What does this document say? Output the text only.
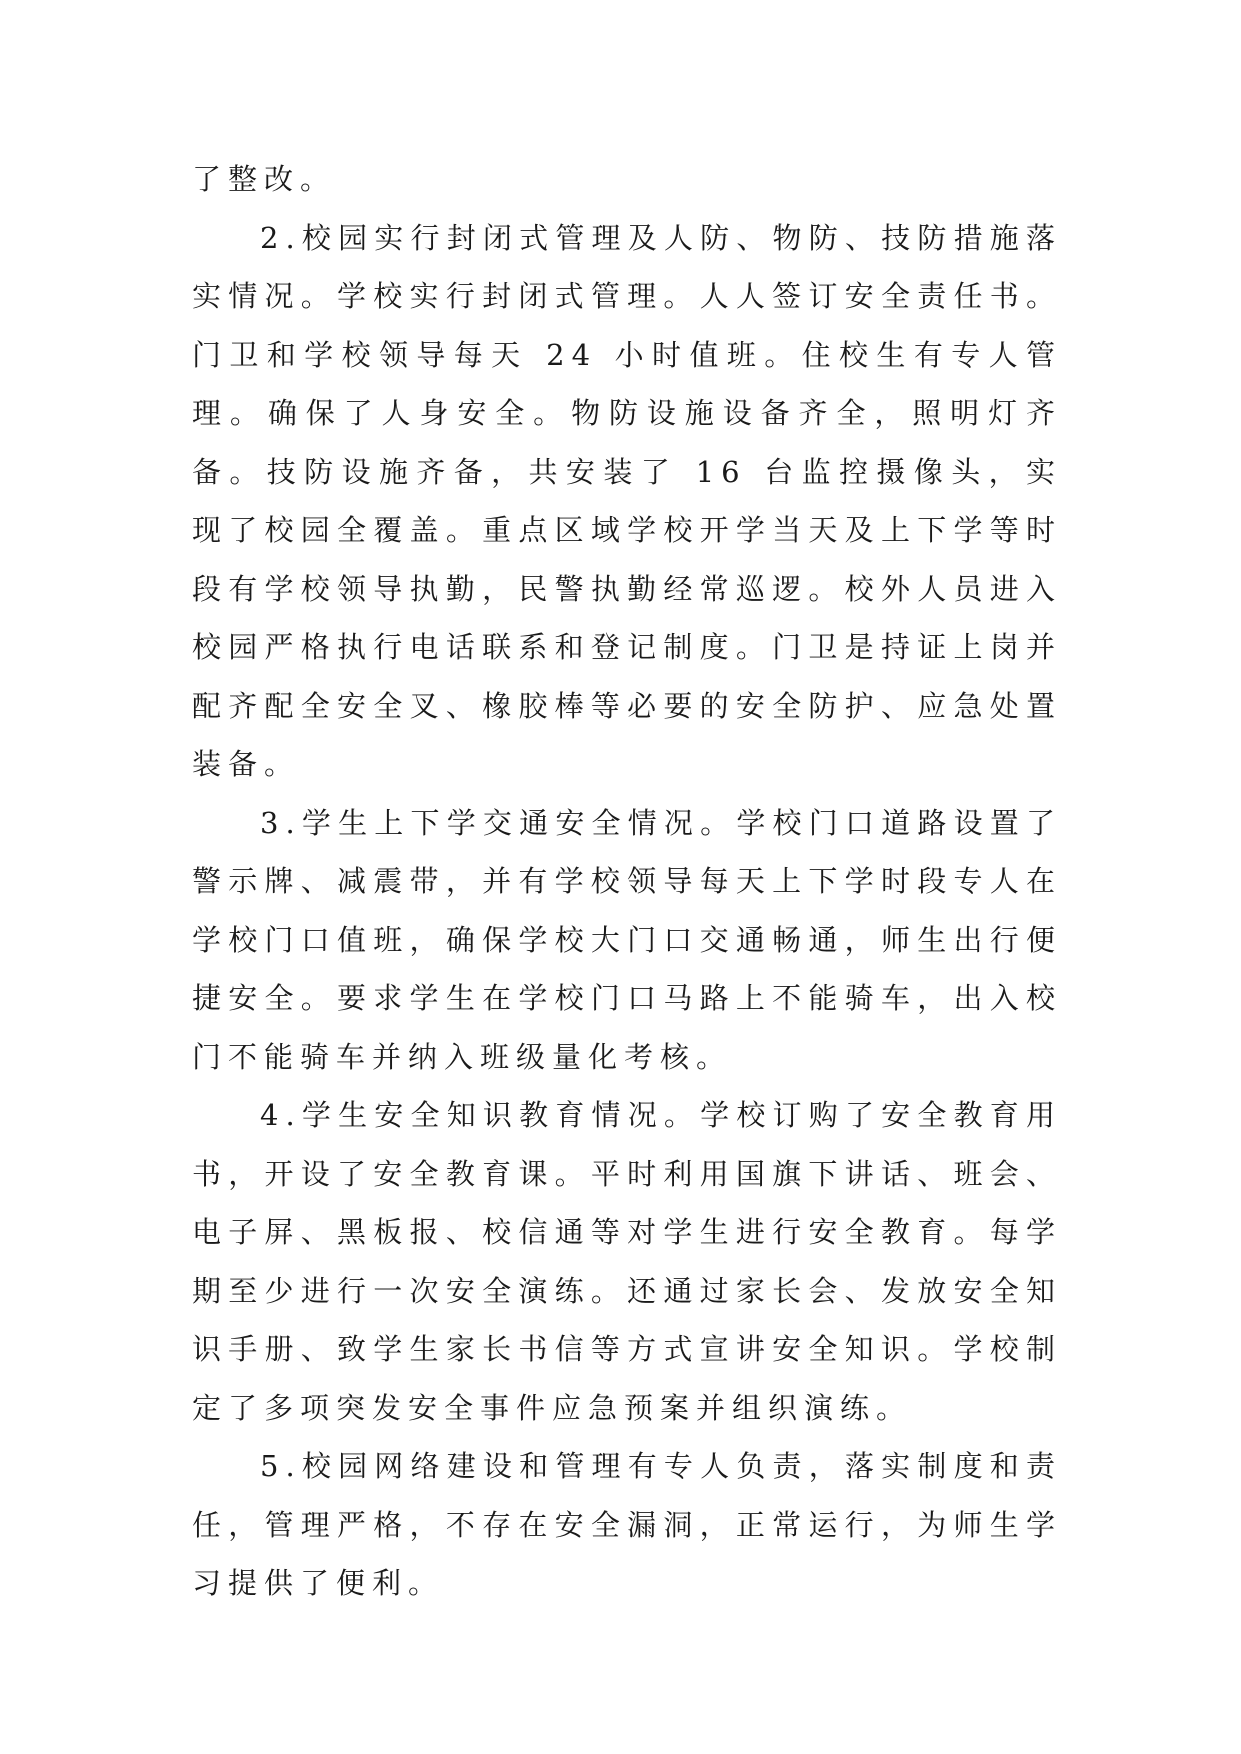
了整改。

2.校园实行封闭式管理及人防、物防、技防措施落实情况。学校实行封闭式管理。人人签订安全责任书。门卫和学校领导每天 24 小时值班。住校生有专人管理。确保了人身安全。物防设施设备齐全，照明灯齐备。技防设施齐备，共安装了 16 台监控摄像头，实现了校园全覆盖。重点区域学校开学当天及上下学等时段有学校领导执勤，民警执勤经常巡逻。校外人员进入校园严格执行电话联系和登记制度。门卫是持证上岗并配齐配全安全叉、橡胶棒等必要的安全防护、应急处置装备。

3.学生上下学交通安全情况。学校门口道路设置了警示牌、减震带，并有学校领导每天上下学时段专人在学校门口值班，确保学校大门口交通畅通，师生出行便捷安全。要求学生在学校门口马路上不能骑车，出入校门不能骑车并纳入班级量化考核。

4.学生安全知识教育情况。学校订购了安全教育用书，开设了安全教育课。平时利用国旗下讲话、班会、电子屏、黑板报、校信通等对学生进行安全教育。每学期至少进行一次安全演练。还通过家长会、发放安全知识手册、致学生家长书信等方式宣讲安全知识。学校制定了多项突发安全事件应急预案并组织演练。

5.校园网络建设和管理有专人负责，落实制度和责任，管理严格，不存在安全漏洞，正常运行，为师生学习提供了便利。
